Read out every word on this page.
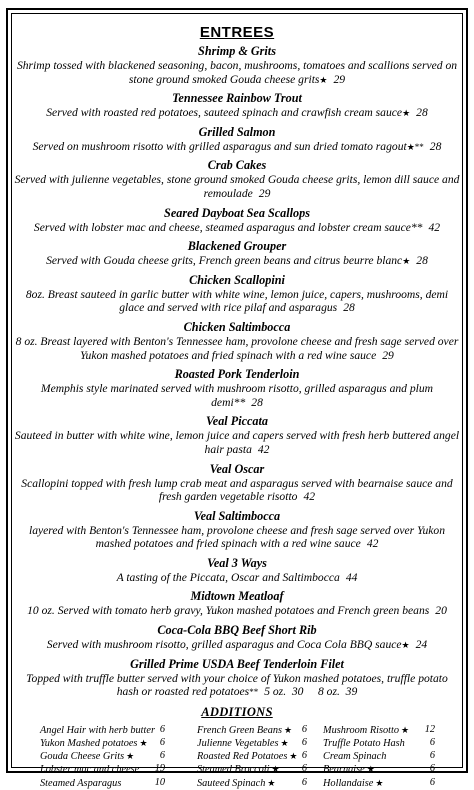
ENTREES
Shrimp & Grits
Shrimp tossed with blackened seasoning, bacon, mushrooms, tomatoes and scallions served on stone ground smoked Gouda cheese grits★ 29
Tennessee Rainbow Trout
Served with roasted red potatoes, sauteed spinach and crawfish cream sauce★ 28
Grilled Salmon
Served on mushroom risotto with grilled asparagus and sun dried tomato ragout★** 28
Crab Cakes
Served with julienne vegetables, stone ground smoked Gouda cheese grits, lemon dill sauce and remoulade 29
Seared Dayboat Sea Scallops
Served with lobster mac and cheese, steamed asparagus and lobster cream sauce** 42
Blackened Grouper
Served with Gouda cheese grits, French green beans and citrus beurre blanc★ 28
Chicken Scallopini
8oz. Breast sauteed in garlic butter with white wine, lemon juice, capers, mushrooms, demi glace and served with rice pilaf and asparagus 28
Chicken Saltimbocca
8 oz. Breast layered with Benton's Tennessee ham, provolone cheese and fresh sage served over Yukon mashed potatoes and fried spinach with a red wine sauce 29
Roasted Pork Tenderloin
Memphis style marinated served with mushroom risotto, grilled asparagus and plum demi** 28
Veal Piccata
Sauteed in butter with white wine, lemon juice and capers served with fresh herb buttered angel hair pasta 42
Veal Oscar
Scallopini topped with fresh lump crab meat and asparagus served with bearnaise sauce and fresh garden vegetable risotto 42
Veal Saltimbocca
layered with Benton's Tennessee ham, provolone cheese and fresh sage served over Yukon mashed potatoes and fried spinach with a red wine sauce 42
Veal 3 Ways
A tasting of the Piccata, Oscar and Saltimbocca 44
Midtown Meatloaf
10 oz. Served with tomato herb gravy, Yukon mashed potatoes and French green beans 20
Coca-Cola BBQ Beef Short Rib
Served with mushroom risotto, grilled asparagus and Coca Cola BBQ sauce★ 24
Grilled Prime USDA Beef Tenderloin Filet
Topped with truffle butter served with your choice of Yukon mashed potatoes, truffle potato hash or roasted red potatoes** 5 oz.  30     8 oz.  39
ADDITIONS
Angel Hair with herb butter 6
Yukon Mashed potatoes ★ 6
Gouda Cheese Grits ★ 6
Lobster mac and cheese 19
Steamed Asparagus	10
French Green Beans ★ 6
Julienne Vegetables ★ 6
Roasted Red Potatoes ★ 6
Steamed Broccoli ★ 6
Sauteed Spinach ★	6
Mushroom Risotto ★ 12
Truffle Potato Hash 6
Cream Spinach	6
Bearnaise ★	6
Hollandaise ★	6
